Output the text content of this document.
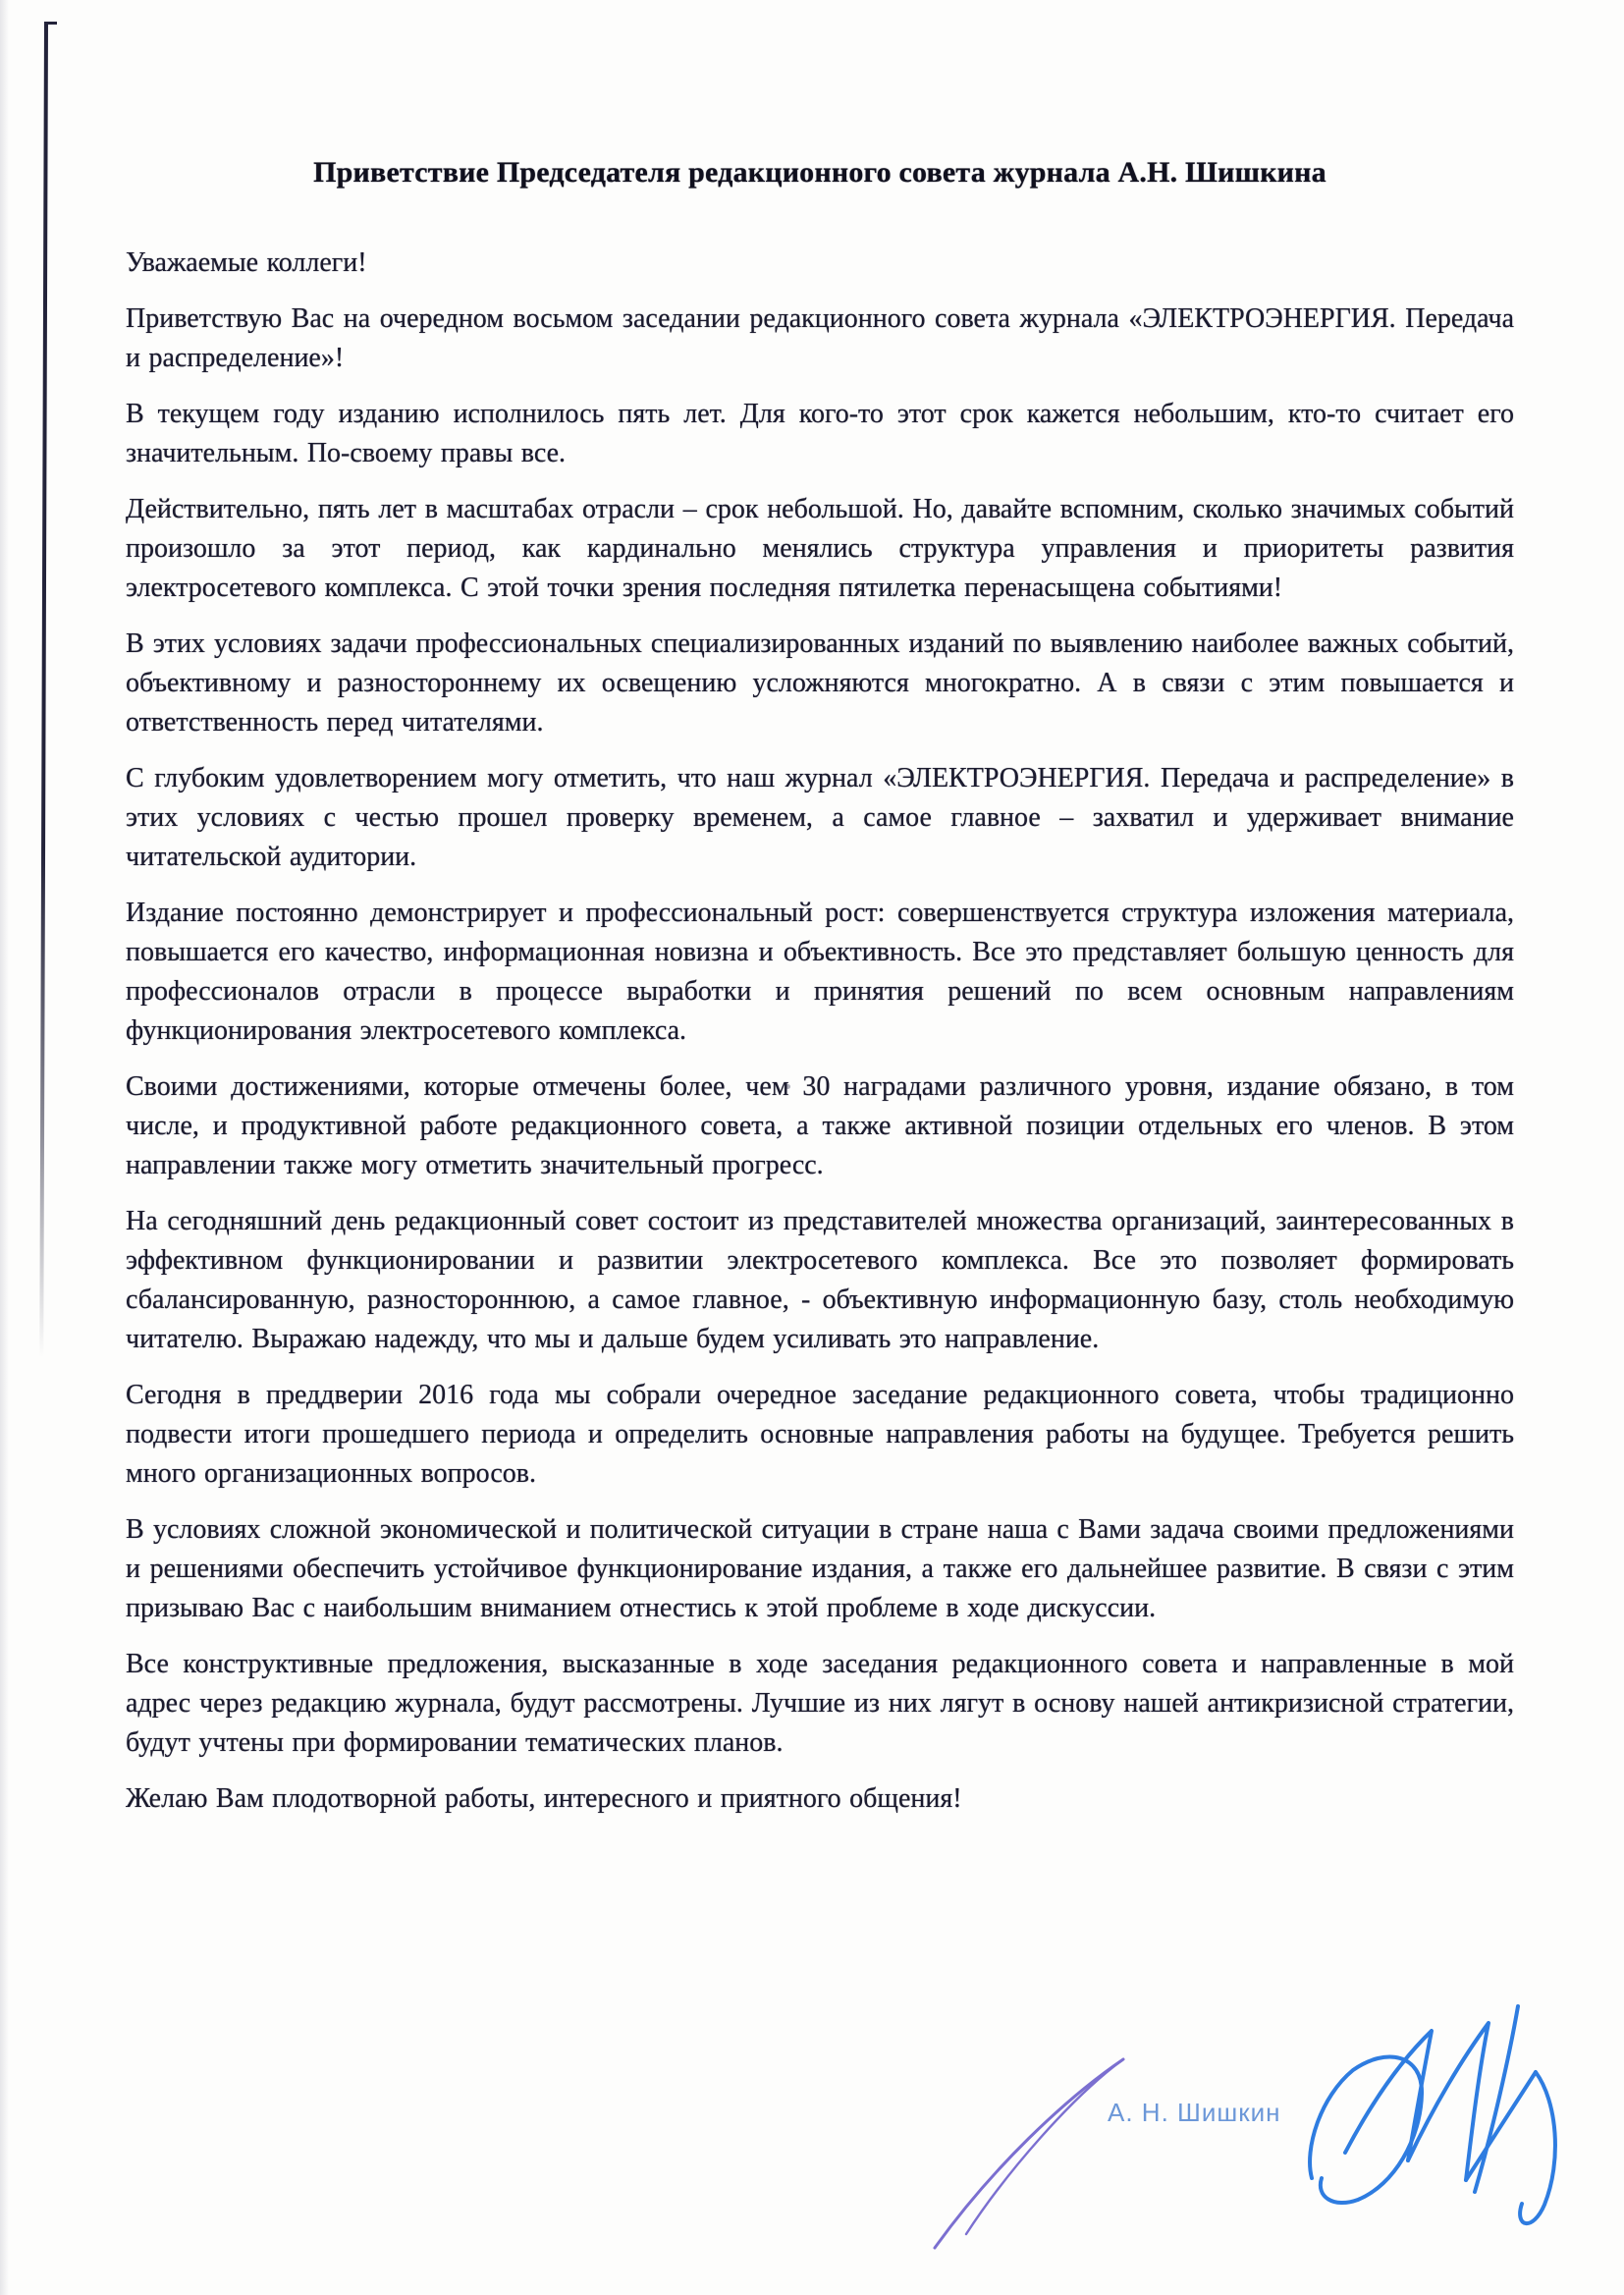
Приветствие Председателя редакционного совета журнала А.Н. Шишкина

Уважаемые коллеги!

Приветствую Вас на очередном восьмом заседании редакционного совета журнала «ЭЛЕКТРОЭНЕРГИЯ. Передача и распределение»!

В текущем году изданию исполнилось пять лет. Для кого-то этот срок кажется небольшим, кто-то считает его значительным. По-своему правы все.

Действительно, пять лет в масштабах отрасли – срок небольшой. Но, давайте вспомним, сколько значимых событий произошло за этот период, как кардинально менялись структура управления и приоритеты развития электросетевого комплекса. С этой точки зрения последняя пятилетка перенасыщена событиями!

В этих условиях задачи профессиональных специализированных изданий по выявлению наиболее важных событий, объективному и разностороннему их освещению усложняются многократно. А в связи с этим повышается и ответственность перед читателями.

С глубоким удовлетворением могу отметить, что наш журнал «ЭЛЕКТРОЭНЕРГИЯ. Передача и распределение» в этих условиях с честью прошел проверку временем, а самое главное – захватил и удерживает внимание читательской аудитории.

Издание постоянно демонстрирует и профессиональный рост: совершенствуется структура изложения материала, повышается его качество, информационная новизна и объективность. Все это представляет большую ценность для профессионалов отрасли в процессе выработки и принятия решений по всем основным направлениям функционирования электросетевого комплекса.

Своими достижениями, которые отмечены более, чем 30 наградами различного уровня, издание обязано, в том числе, и продуктивной работе редакционного совета, а также активной позиции отдельных его членов. В этом направлении также могу отметить значительный прогресс.

На сегодняшний день редакционный совет состоит из представителей множества организаций, заинтересованных в эффективном функционировании и развитии электросетевого комплекса. Все это позволяет формировать сбалансированную, разностороннюю, а самое главное, - объективную информационную базу, столь необходимую читателю. Выражаю надежду, что мы и дальше будем усиливать это направление.

Сегодня в преддверии 2016 года мы собрали очередное заседание редакционного совета, чтобы традиционно подвести итоги прошедшего периода и определить основные направления работы на будущее. Требуется решить много организационных вопросов.

В условиях сложной экономической и политической ситуации в стране наша с Вами задача своими предложениями и решениями обеспечить устойчивое функционирование издания, а также его дальнейшее развитие. В связи с этим призываю Вас с наибольшим вниманием отнестись к этой проблеме в ходе дискуссии.

Все конструктивные предложения, высказанные в ходе заседания редакционного совета и направленные в мой адрес через редакцию журнала, будут рассмотрены. Лучшие из них лягут в основу нашей антикризисной стратегии, будут учтены при формировании тематических планов.

Желаю Вам плодотворной работы, интересного и приятного общения!

А. Н. Шишкин
